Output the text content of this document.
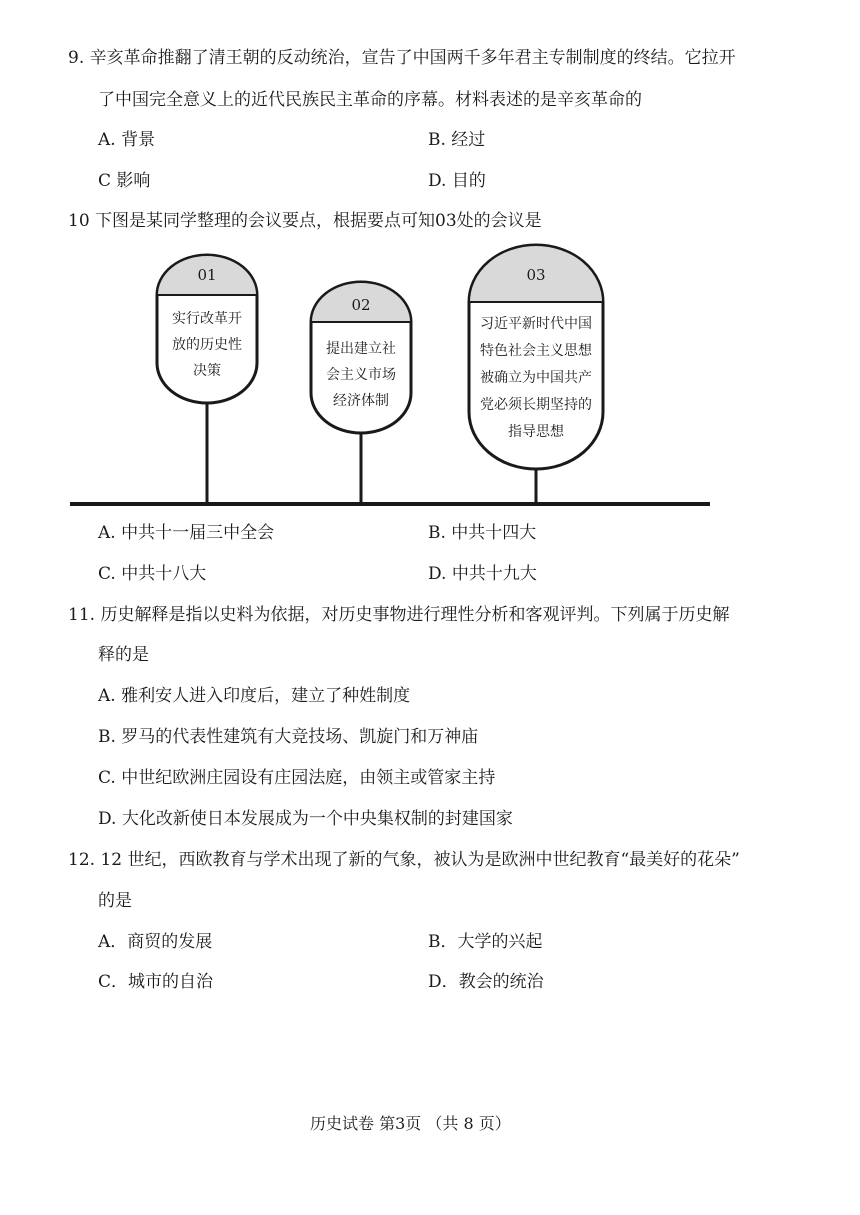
9. 辛亥革命推翻了清王朝的反动统治，宣告了中国两千多年君主专制制度的终结。它拉开
了中国完全意义上的近代民族民主革命的序幕。材料表述的是辛亥革命的
A. 背景	B. 经过
C 影响	D. 目的
10 下图是某同学整理的会议要点，根据要点可知03处的会议是
01
实行改革开
放的历史性
决策
02
提出建立社
会主义市场
经济体制
03
习近平新时代中国
特色社会主义思想
被确立为中国共产
党必须长期坚持的
指导思想
A. 中共十一届三中全会	B. 中共十四大
C. 中共十八大	D. 中共十九大
11. 历史解释是指以史料为依据，对历史事物进行理性分析和客观评判。下列属于历史解
释的是
A. 雅利安人进入印度后，建立了种姓制度
B. 罗马的代表性建筑有大竞技场、凯旋门和万神庙
C. 中世纪欧洲庄园设有庄园法庭，由领主或管家主持
D. 大化改新使日本发展成为一个中央集权制的封建国家
12. 12 世纪，西欧教育与学术出现了新的气象，被认为是欧洲中世纪教育“最美好的花朵”
的是
A．商贸的发展	B．大学的兴起
C．城市的自治	D．教会的统治
历史试卷 第3页 （共 8 页）
